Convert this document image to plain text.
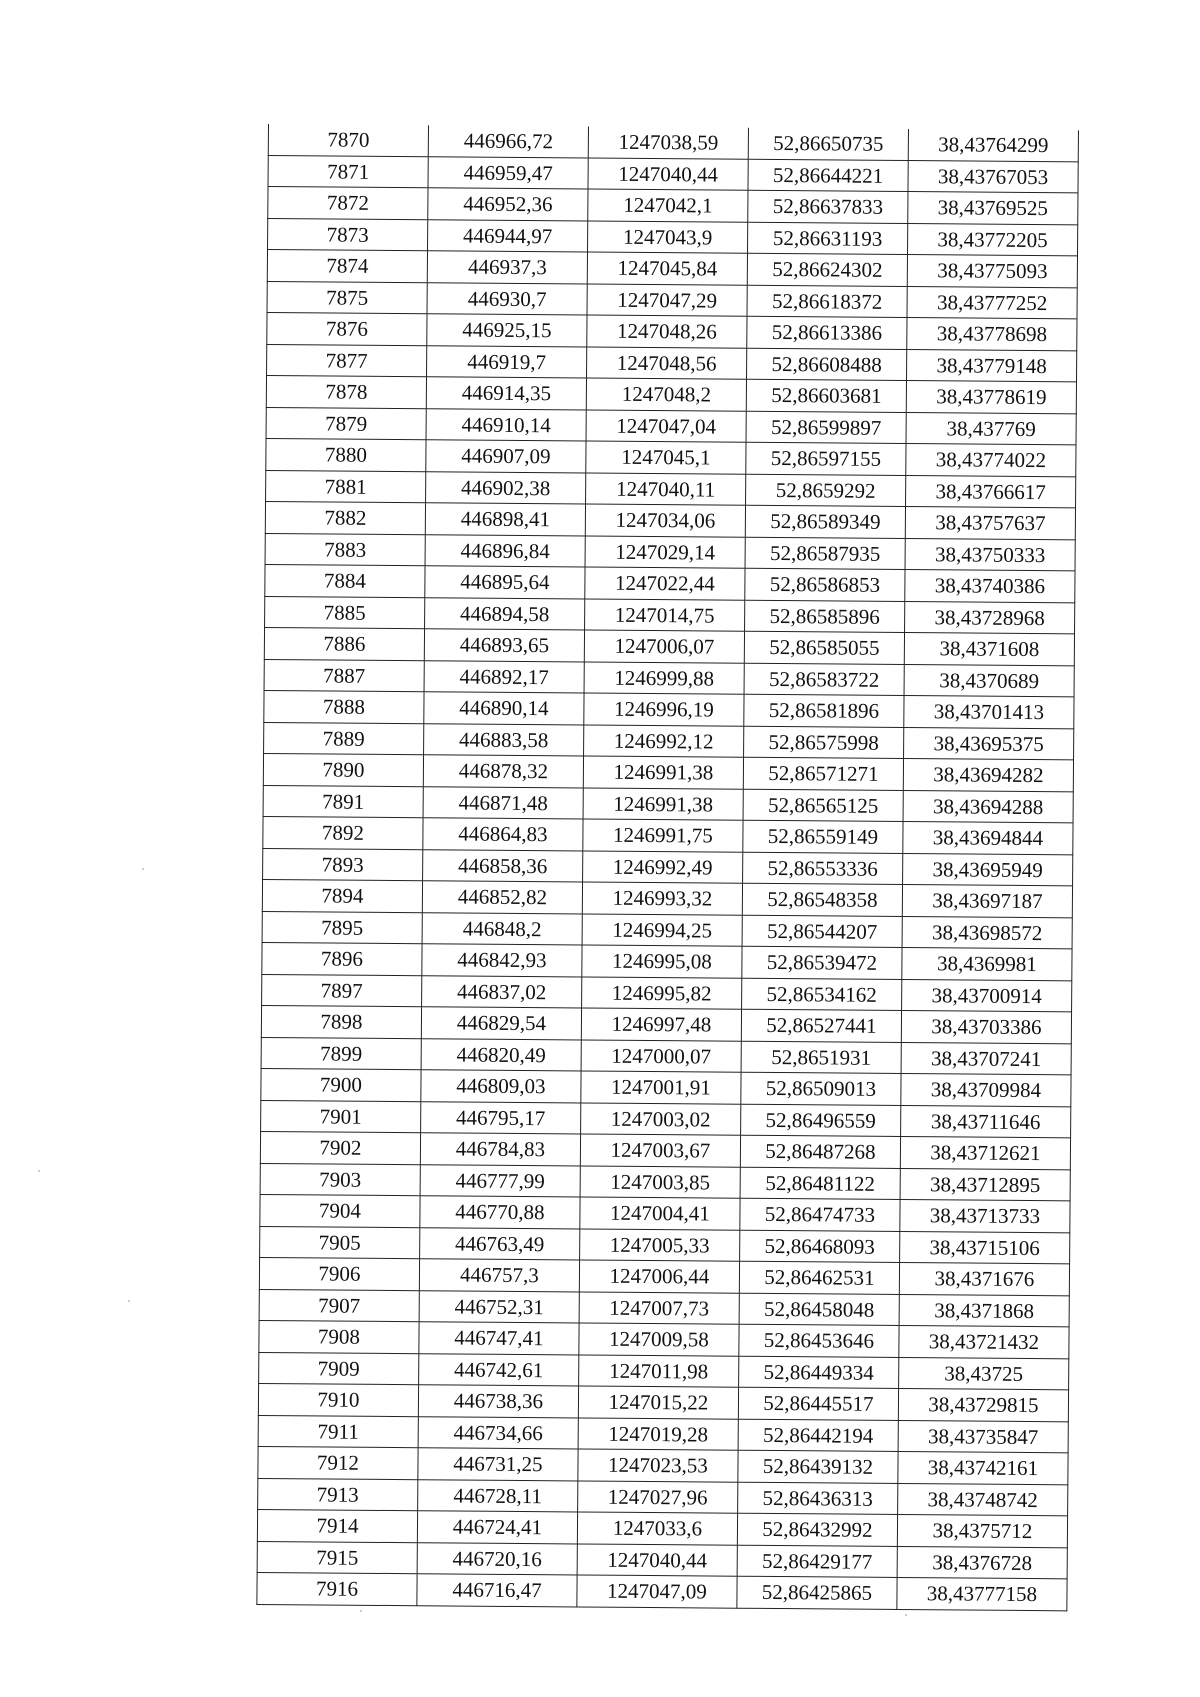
7870	446966,72	1247038,59	52,86650735	38,43764299
7871	446959,47	1247040,44	52,86644221	38,43767053
7872	446952,36	1247042,1	52,86637833	38,43769525
7873	446944,97	1247043,9	52,86631193	38,43772205
7874	446937,3	1247045,84	52,86624302	38,43775093
7875	446930,7	1247047,29	52,86618372	38,43777252
7876	446925,15	1247048,26	52,86613386	38,43778698
7877	446919,7	1247048,56	52,86608488	38,43779148
7878	446914,35	1247048,2	52,86603681	38,43778619
7879	446910,14	1247047,04	52,86599897	38,437769
7880	446907,09	1247045,1	52,86597155	38,43774022
7881	446902,38	1247040,11	52,8659292	38,43766617
7882	446898,41	1247034,06	52,86589349	38,43757637
7883	446896,84	1247029,14	52,86587935	38,43750333
7884	446895,64	1247022,44	52,86586853	38,43740386
7885	446894,58	1247014,75	52,86585896	38,43728968
7886	446893,65	1247006,07	52,86585055	38,4371608
7887	446892,17	1246999,88	52,86583722	38,4370689
7888	446890,14	1246996,19	52,86581896	38,43701413
7889	446883,58	1246992,12	52,86575998	38,43695375
7890	446878,32	1246991,38	52,86571271	38,43694282
7891	446871,48	1246991,38	52,86565125	38,43694288
7892	446864,83	1246991,75	52,86559149	38,43694844
7893	446858,36	1246992,49	52,86553336	38,43695949
7894	446852,82	1246993,32	52,86548358	38,43697187
7895	446848,2	1246994,25	52,86544207	38,43698572
7896	446842,93	1246995,08	52,86539472	38,4369981
7897	446837,02	1246995,82	52,86534162	38,43700914
7898	446829,54	1246997,48	52,86527441	38,43703386
7899	446820,49	1247000,07	52,8651931	38,43707241
7900	446809,03	1247001,91	52,86509013	38,43709984
7901	446795,17	1247003,02	52,86496559	38,43711646
7902	446784,83	1247003,67	52,86487268	38,43712621
7903	446777,99	1247003,85	52,86481122	38,43712895
7904	446770,88	1247004,41	52,86474733	38,43713733
7905	446763,49	1247005,33	52,86468093	38,43715106
7906	446757,3	1247006,44	52,86462531	38,4371676
7907	446752,31	1247007,73	52,86458048	38,4371868
7908	446747,41	1247009,58	52,86453646	38,43721432
7909	446742,61	1247011,98	52,86449334	38,43725
7910	446738,36	1247015,22	52,86445517	38,43729815
7911	446734,66	1247019,28	52,86442194	38,43735847
7912	446731,25	1247023,53	52,86439132	38,43742161
7913	446728,11	1247027,96	52,86436313	38,43748742
7914	446724,41	1247033,6	52,86432992	38,4375712
7915	446720,16	1247040,44	52,86429177	38,4376728
7916	446716,47	1247047,09	52,86425865	38,43777158
